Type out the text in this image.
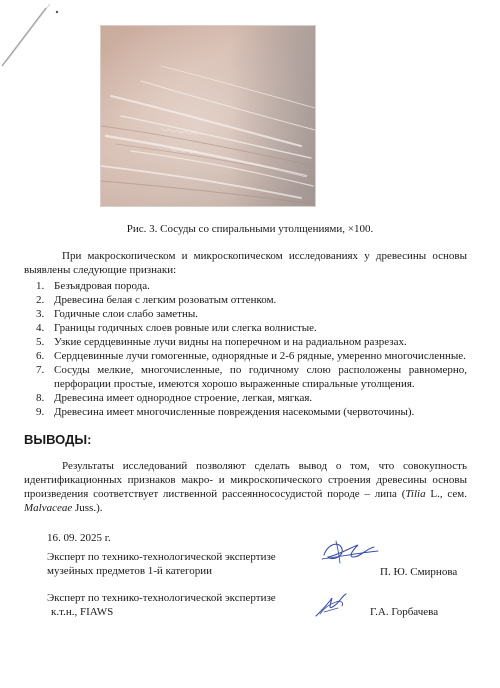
Рис. 3. Сосуды со спиральными утолщениями, ×100.

При макроскопическом и микроскопическом исследованиях у древесины основы выявлены следующие признаки:

1. Безъядровая порода.
2. Древесина белая с легким розоватым оттенком.
3. Годичные слои слабо заметны.
4. Границы годичных слоев ровные или слегка волнистые.
5. Узкие сердцевинные лучи видны на поперечном и на радиальном разрезах.
6. Сердцевинные лучи гомогенные, однорядные и 2-6 рядные, умеренно многочисленные.
7. Сосуды мелкие, многочисленные, по годичному слою расположены равномерно, перфорации простые, имеются хорошо выраженные спиральные утолщения.
8. Древесина имеет однородное строение, легкая, мягкая.
9. Древесина имеет многочисленные повреждения насекомыми (червоточины).
ВЫВОДЫ:

Результаты исследований позволяют сделать вывод о том, что совокупность идентификационных признаков макро- и микроскопического строения древесины основы произведения соответствует лиственной рассеяннососудистой породе – липа (Tilia L., сем. Malvaceae Juss.).

16. 09. 2025 г.
Эксперт по технико-технологической экспертизе
музейных предметов 1-й категории	П. Ю. Смирнова
Эксперт по технико-технологической экспертизе
к.т.н., FIAWS	Г.А. Горбачева
